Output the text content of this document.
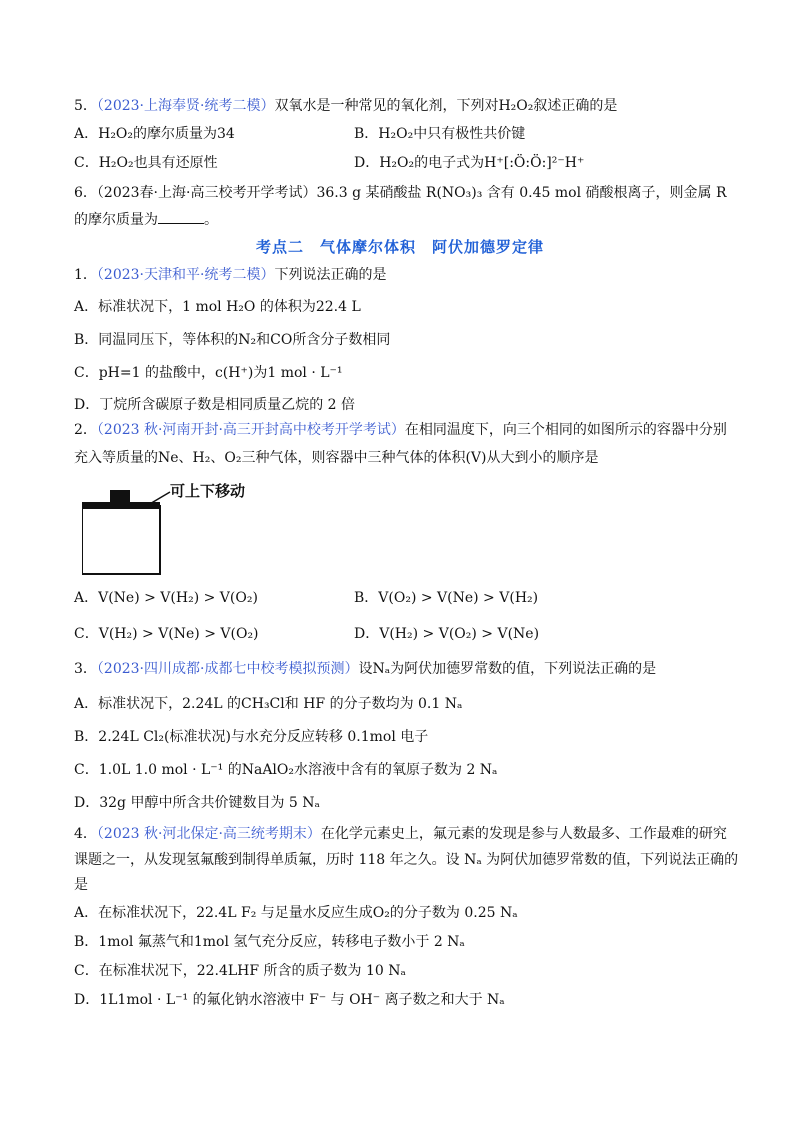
5．（2023·上海奉贤·统考二模）双氧水是一种常见的氧化剂，下列对H₂O₂叙述正确的是
A．H₂O₂的摩尔质量为34	B．H₂O₂中只有极性共价键
C．H₂O₂也具有还原性	D．H₂O₂的电子式为H⁺[:Ö:Ö:]²⁻H⁺
6．（2023春·上海·高三校考开学考试）36.3 g 某硝酸盐 R(NO₃)₃ 含有 0.45 mol 硝酸根离子，则金属 R
的摩尔质量为	。
考点二　气体摩尔体积　阿伏加德罗定律
1．（2023·天津和平·统考二模）下列说法正确的是
A．标准状况下，1 mol H₂O 的体积为22.4 L
B．同温同压下，等体积的N₂和CO所含分子数相同
C．pH=1 的盐酸中，c(H⁺)为1 mol · L⁻¹
D．丁烷所含碳原子数是相同质量乙烷的 2 倍
2．（2023 秋·河南开封·高三开封高中校考开学考试）在相同温度下，向三个相同的如图所示的容器中分别
充入等质量的Ne、H₂、O₂三种气体，则容器中三种气体的体积(V)从大到小的顺序是
可上下移动
A．V(Ne) > V(H₂) > V(O₂)	B．V(O₂) > V(Ne) > V(H₂)
C．V(H₂) > V(Ne) > V(O₂)	D．V(H₂) > V(O₂) > V(Ne)
3．（2023·四川成都·成都七中校考模拟预测）设Nₐ为阿伏加德罗常数的值，下列说法正确的是
A．标准状况下，2.24L 的CH₃Cl和 HF 的分子数均为 0.1 Nₐ
B．2.24L Cl₂(标准状况)与水充分反应转移 0.1mol 电子
C．1.0L 1.0 mol · L⁻¹ 的NaAlO₂水溶液中含有的氧原子数为 2 Nₐ
D．32g 甲醇中所含共价键数目为 5 Nₐ
4．（2023 秋·河北保定·高三统考期末）在化学元素史上，氟元素的发现是参与人数最多、工作最难的研究
课题之一，从发现氢氟酸到制得单质氟，历时 118 年之久。设 Nₐ 为阿伏加德罗常数的值，下列说法正确的
是
A．在标准状况下，22.4L F₂ 与足量水反应生成O₂的分子数为 0.25 Nₐ
B．1mol 氟蒸气和1mol 氢气充分反应，转移电子数小于 2 Nₐ
C．在标准状况下，22.4LHF 所含的质子数为 10 Nₐ
D．1L1mol · L⁻¹ 的氟化钠水溶液中 F⁻ 与 OH⁻ 离子数之和大于 Nₐ
